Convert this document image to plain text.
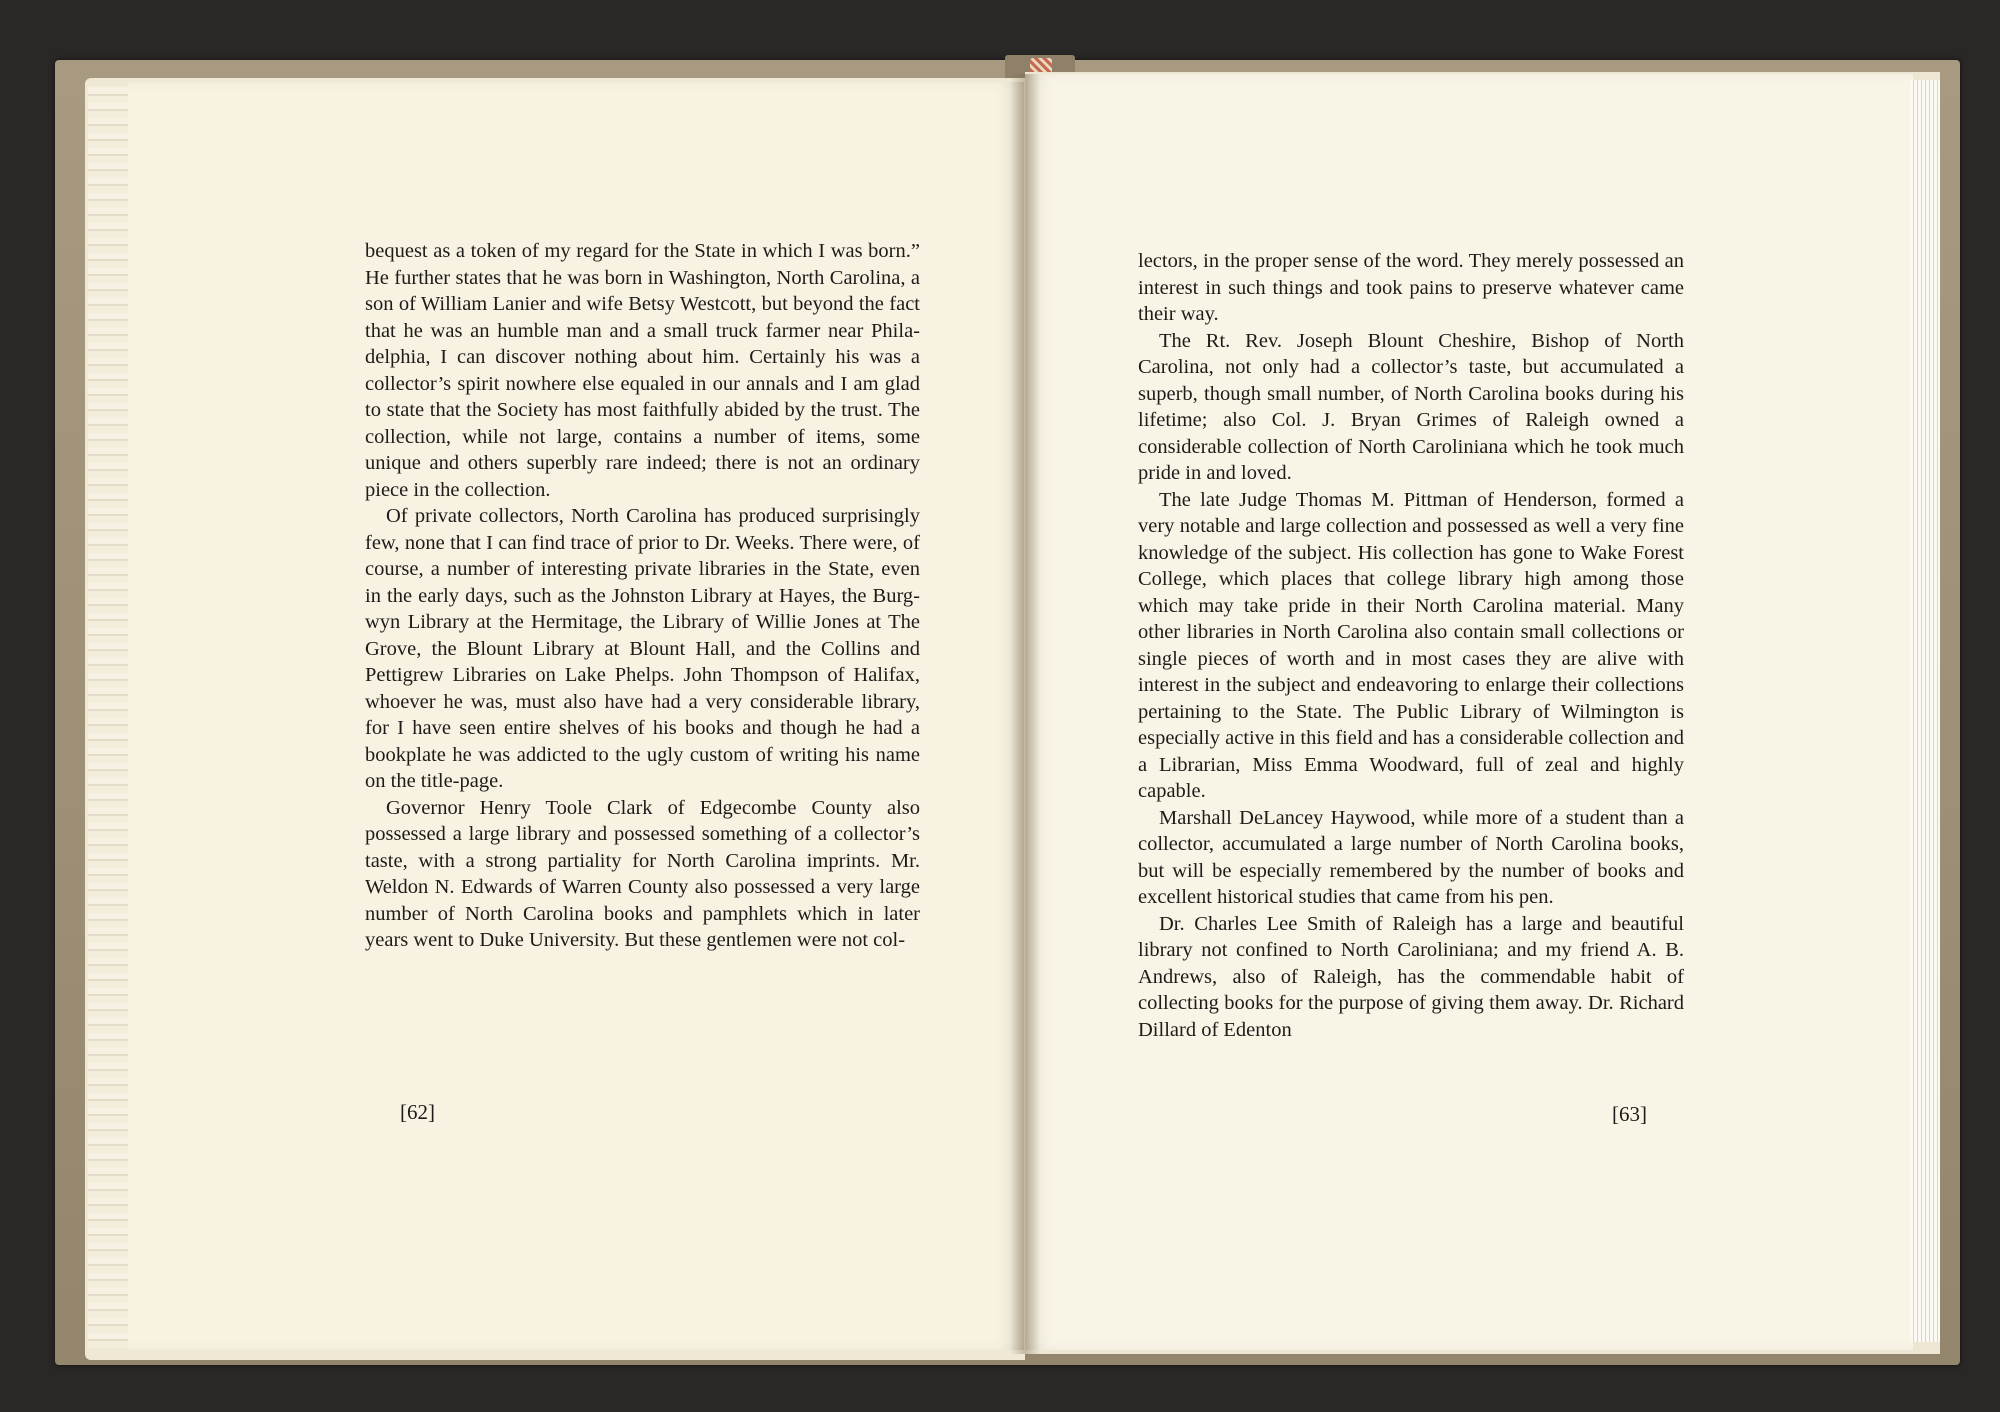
bequest as a token of my regard for the State in which I was born.” He further states that he was born in Washington, North Carolina, a son of William Lanier and wife Betsy Westcott, but beyond the fact that he was an humble man and a small truck farmer near Philadelphia, I can discover nothing about him. Certainly his was a collector’s spirit nowhere else equaled in our annals and I am glad to state that the Society has most faithfully abided by the trust. The collection, while not large, contains a number of items, some unique and others superbly rare indeed; there is not an ordinary piece in the collection.

Of private collectors, North Carolina has produced surprisingly few, none that I can find trace of prior to Dr. Weeks. There were, of course, a number of interesting private libraries in the State, even in the early days, such as the Johnston Library at Hayes, the Burgwyn Library at the Hermitage, the Library of Willie Jones at The Grove, the Blount Library at Blount Hall, and the Collins and Pettigrew Libraries on Lake Phelps. John Thompson of Halifax, whoever he was, must also have had a very considerable library, for I have seen entire shelves of his books and though he had a bookplate he was addicted to the ugly custom of writing his name on the title-page.

Governor Henry Toole Clark of Edgecombe County also possessed a large library and possessed something of a collector’s taste, with a strong partiality for North Carolina imprints. Mr. Weldon N. Edwards of Warren County also possessed a very large number of North Carolina books and pamphlets which in later years went to Duke University. But these gentlemen were not col-

[62]

lectors, in the proper sense of the word. They merely possessed an interest in such things and took pains to preserve whatever came their way.

The Rt. Rev. Joseph Blount Cheshire, Bishop of North Carolina, not only had a collector’s taste, but accumulated a superb, though small number, of North Carolina books during his lifetime; also Col. J. Bryan Grimes of Raleigh owned a considerable collection of North Caroliniana which he took much pride in and loved.

The late Judge Thomas M. Pittman of Henderson, formed a very notable and large collection and possessed as well a very fine knowledge of the subject. His collection has gone to Wake Forest College, which places that college library high among those which may take pride in their North Carolina material. Many other libraries in North Carolina also contain small collections or single pieces of worth and in most cases they are alive with interest in the subject and endeavoring to enlarge their collections pertaining to the State. The Public Library of Wilmington is especially active in this field and has a considerable collection and a Librarian, Miss Emma Woodward, full of zeal and highly capable.

Marshall DeLancey Haywood, while more of a student than a collector, accumulated a large number of North Carolina books, but will be especially remembered by the number of books and excellent historical studies that came from his pen.

Dr. Charles Lee Smith of Raleigh has a large and beautiful library not confined to North Caroliniana; and my friend A. B. Andrews, also of Raleigh, has the commendable habit of collecting books for the purpose of giving them away. Dr. Richard Dillard of Edenton

[63]
